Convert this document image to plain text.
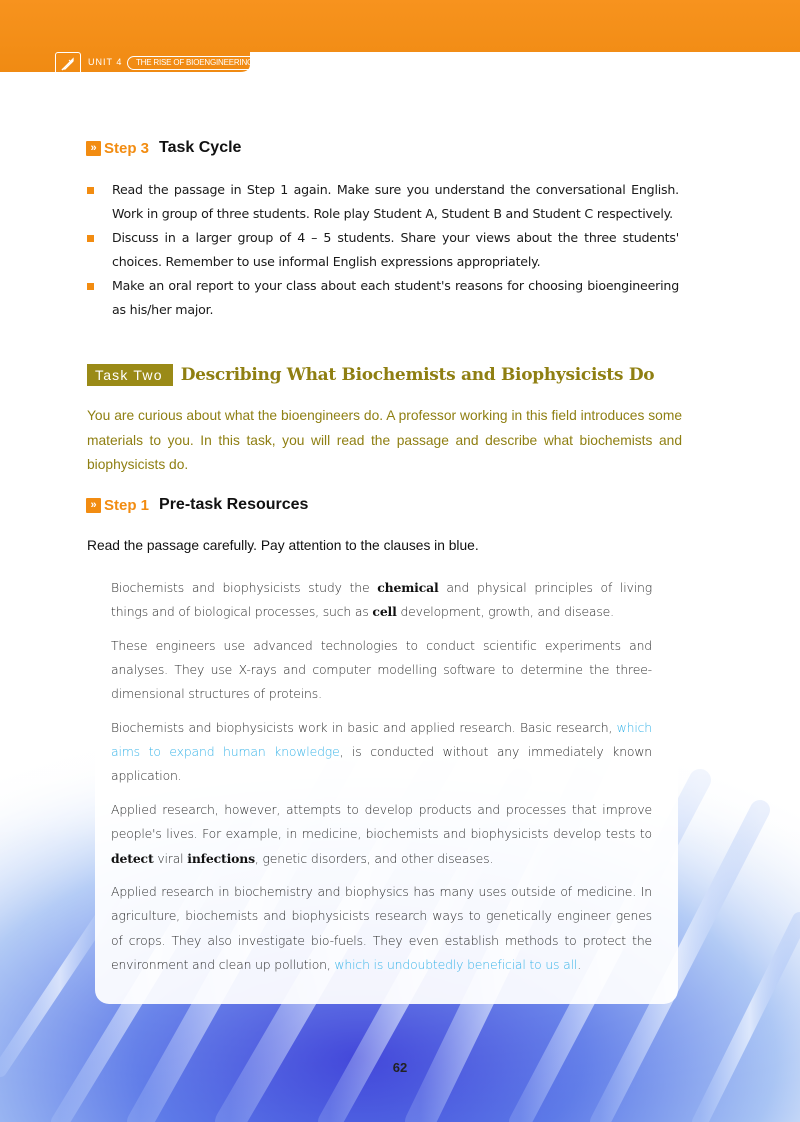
UNIT 4	THE RISE OF BIOENGINEERING
» Step 3 Task Cycle
Read the passage in Step 1 again. Make sure you understand the conversational English. Work in group of three students. Role play Student A, Student B and Student C respectively.
Discuss in a larger group of 4 – 5 students. Share your views about the three students' choices. Remember to use informal English expressions appropriately.
Make an oral report to your class about each student's reasons for choosing bioengineering as his/her major.
Task Two	Describing What Biochemists and Biophysicists Do
You are curious about what the bioengineers do. A professor working in this field introduces some materials to you. In this task, you will read the passage and describe what biochemists and biophysicists do.
» Step 1 Pre-task Resources
Read the passage carefully. Pay attention to the clauses in blue.

Biochemists and biophysicists study the chemical and physical principles of living things and of biological processes, such as cell development, growth, and disease.

These engineers use advanced technologies to conduct scientific experiments and analyses. They use X-rays and computer modelling software to determine the three-dimensional structures of proteins.

Biochemists and biophysicists work in basic and applied research. Basic research, which aims to expand human knowledge, is conducted without any immediately known application.

Applied research, however, attempts to develop products and processes that improve people's lives. For example, in medicine, biochemists and biophysicists develop tests to detect viral infections, genetic disorders, and other diseases.

Applied research in biochemistry and biophysics has many uses outside of medicine. In agriculture, biochemists and biophysicists research ways to genetically engineer genes of crops. They also investigate bio-fuels. They even establish methods to protect the environment and clean up pollution, which is undoubtedly beneficial to us all.

62
